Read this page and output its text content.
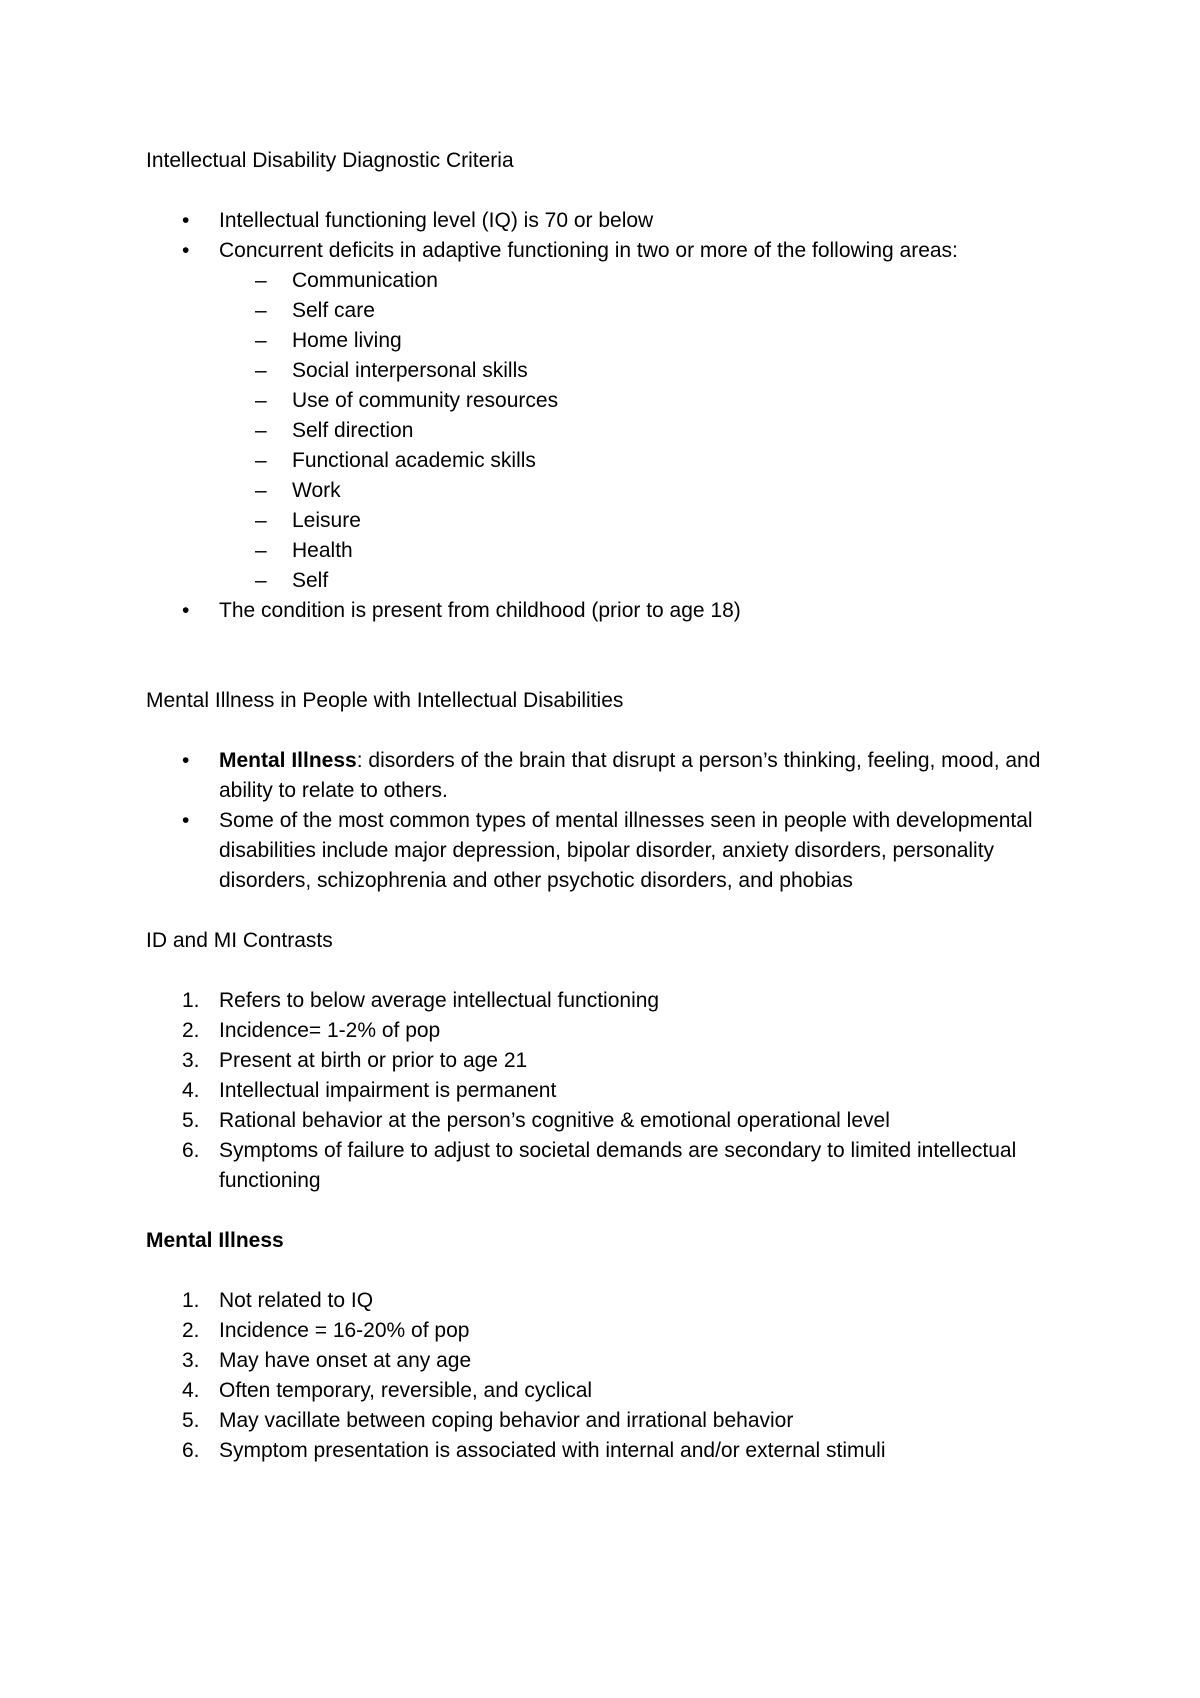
Intellectual Disability Diagnostic Criteria
• Intellectual functioning level (IQ) is 70 or below
• Concurrent deficits in adaptive functioning in two or more of the following areas:
– Communication
– Self care
– Home living
– Social interpersonal skills
– Use of community resources
– Self direction
– Functional academic skills
– Work
– Leisure
– Health
– Self
• The condition is present from childhood (prior to age 18)
Mental Illness in People with Intellectual Disabilities
• Mental Illness: disorders of the brain that disrupt a person’s thinking, feeling, mood, and ability to relate to others.
• Some of the most common types of mental illnesses seen in people with developmental disabilities include major depression, bipolar disorder, anxiety disorders, personality disorders, schizophrenia and other psychotic disorders, and phobias
ID and MI Contrasts
1. Refers to below average intellectual functioning
2. Incidence= 1-2% of pop
3. Present at birth or prior to age 21
4. Intellectual impairment is permanent
5. Rational behavior at the person’s cognitive & emotional operational level
6. Symptoms of failure to adjust to societal demands are secondary to limited intellectual functioning
Mental Illness
1. Not related to IQ
2. Incidence = 16-20% of pop
3. May have onset at any age
4. Often temporary, reversible, and cyclical
5. May vacillate between coping behavior and irrational behavior
6. Symptom presentation is associated with internal and/or external stimuli
